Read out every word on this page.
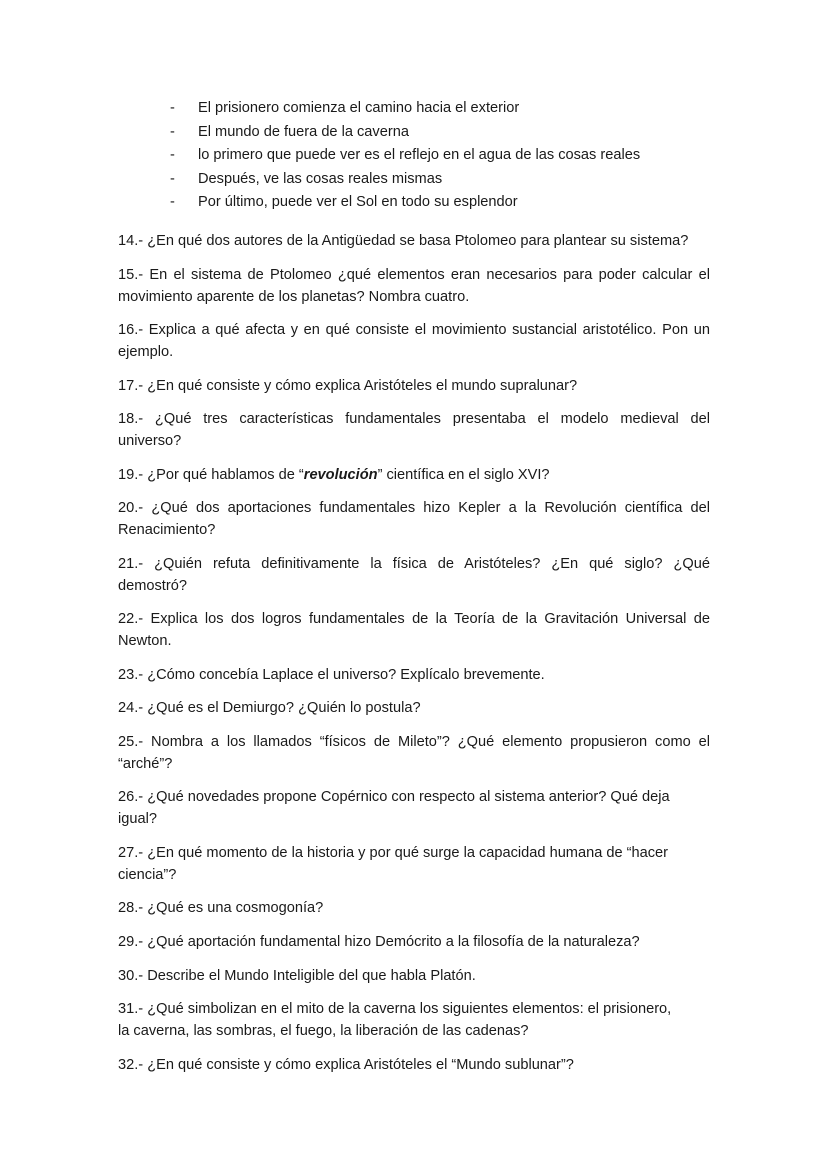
- El prisionero comienza el camino hacia el exterior
- El mundo de fuera de la caverna
- lo primero que puede ver es el reflejo en el agua de las cosas reales
- Después, ve las cosas reales mismas
- Por último, puede ver el Sol en todo su esplendor

14.- ¿En qué dos autores de la Antigüedad se basa Ptolomeo para plantear su sistema?

15.- En el sistema de Ptolomeo ¿qué elementos eran necesarios para poder calcular el
movimiento aparente de los planetas? Nombra cuatro.

16.- Explica a qué afecta y en qué consiste el movimiento sustancial aristotélico. Pon un
ejemplo.

17.- ¿En qué consiste y cómo explica Aristóteles el mundo supralunar?

18.- ¿Qué tres características fundamentales presentaba el modelo medieval del
universo?

19.- ¿Por qué hablamos de “revolución” científica en el siglo XVI?

20.- ¿Qué dos aportaciones fundamentales hizo Kepler a la Revolución científica del
Renacimiento?

21.- ¿Quién refuta definitivamente la física de Aristóteles? ¿En qué siglo? ¿Qué
demostró?

22.- Explica los dos logros fundamentales de la Teoría de la Gravitación Universal de
Newton.

23.- ¿Cómo concebía Laplace el universo? Explícalo brevemente.

24.- ¿Qué es el Demiurgo? ¿Quién lo postula?

25.- Nombra a los llamados “físicos de Mileto”? ¿Qué elemento propusieron como el
“arché”?

26.- ¿Qué novedades propone Copérnico con respecto al sistema anterior? Qué deja
igual?

27.- ¿En qué momento de la historia y por qué surge la capacidad humana de “hacer
ciencia”?

28.- ¿Qué es una cosmogonía?

29.- ¿Qué aportación fundamental hizo Demócrito a la filosofía de la naturaleza?

30.- Describe el Mundo Inteligible del que habla Platón.

31.- ¿Qué simbolizan en el mito de la caverna los siguientes elementos: el prisionero,
la caverna, las sombras, el fuego, la liberación de las cadenas?

32.- ¿En qué consiste y cómo explica Aristóteles el “Mundo sublunar”?
